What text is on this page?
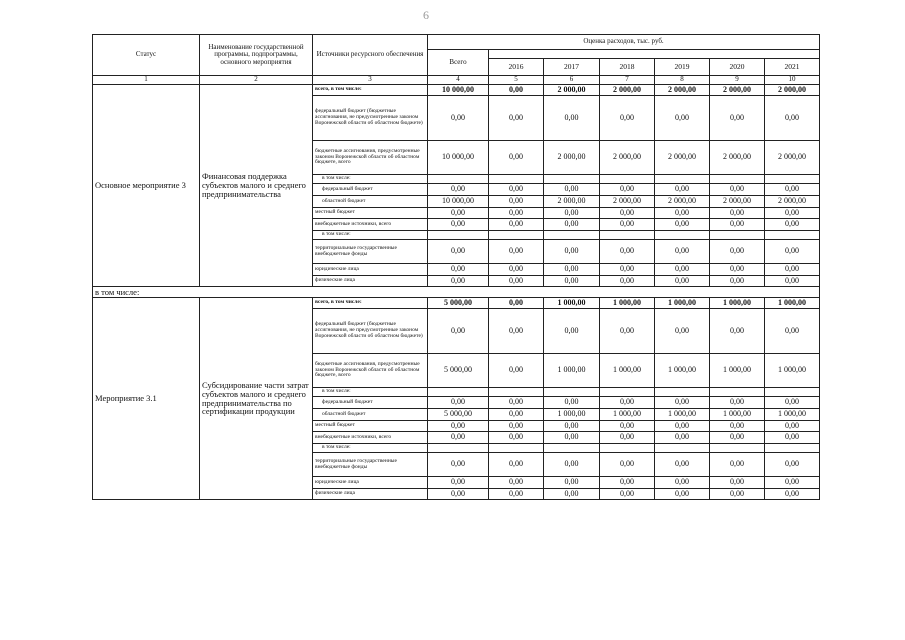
6
Статус	Наименование государственной программы, подпрограммы, основного мероприятия	Источники ресурсного обеспечения	Оценка расходов, тыс. руб.						
			Всего						
				2016	2017	2018	2019	2020	2021
1	2	3	4	5	6	7	8	9	10
Основное мероприятие 3	Финансовая поддержка субъектов малого и среднего предпринимательства	всего, в том числе:	10 000,00	0,00	2 000,00	2 000,00	2 000,00	2 000,00	2 000,00
		федеральный бюджет (бюджетные ассигнования, не предусмотренные законом Воронежской области об областном бюджете)	0,00	0,00	0,00	0,00	0,00	0,00	0,00
		бюджетные ассигнования, предусмотренные законом Воронежской области об областном бюджете, всего	10 000,00	0,00	2 000,00	2 000,00	2 000,00	2 000,00	2 000,00
		в том числе:							
		федеральный бюджет	0,00	0,00	0,00	0,00	0,00	0,00	0,00
		областной бюджет	10 000,00	0,00	2 000,00	2 000,00	2 000,00	2 000,00	2 000,00
		местный бюджет	0,00	0,00	0,00	0,00	0,00	0,00	0,00
		внебюджетные источники, всего	0,00	0,00	0,00	0,00	0,00	0,00	0,00
		в том числе:							
		территориальные государственные внебюджетные фонды	0,00	0,00	0,00	0,00	0,00	0,00	0,00
		юридические лица	0,00	0,00	0,00	0,00	0,00	0,00	0,00
		физические лица	0,00	0,00	0,00	0,00	0,00	0,00	0,00
в том числе:									
Мероприятие 3.1	Субсидирование части затрат субъектов малого и среднего предпринимательства по сертификации продукции	всего, в том числе:	5 000,00	0,00	1 000,00	1 000,00	1 000,00	1 000,00	1 000,00
		федеральный бюджет (бюджетные ассигнования, не предусмотренные законом Воронежской области об областном бюджете)	0,00	0,00	0,00	0,00	0,00	0,00	0,00
		бюджетные ассигнования, предусмотренные законом Воронежской области об областном бюджете, всего	5 000,00	0,00	1 000,00	1 000,00	1 000,00	1 000,00	1 000,00
		в том числе:							
		федеральный бюджет	0,00	0,00	0,00	0,00	0,00	0,00	0,00
		областной бюджет	5 000,00	0,00	1 000,00	1 000,00	1 000,00	1 000,00	1 000,00
		местный бюджет	0,00	0,00	0,00	0,00	0,00	0,00	0,00
		внебюджетные источники, всего	0,00	0,00	0,00	0,00	0,00	0,00	0,00
		в том числе:							
		территориальные государственные внебюджетные фонды	0,00	0,00	0,00	0,00	0,00	0,00	0,00
		юридические лица	0,00	0,00	0,00	0,00	0,00	0,00	0,00
		физические лица	0,00	0,00	0,00	0,00	0,00	0,00	0,00
